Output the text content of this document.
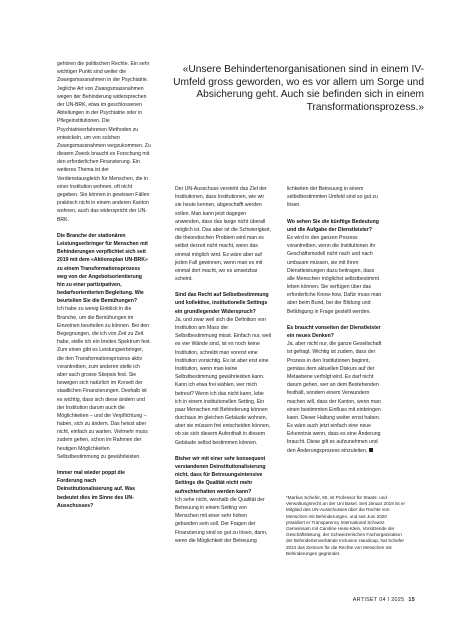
«Unsere Behindertenorganisationen sind in einem IV-Umfeld gross geworden, wo es vor allem um Sorge und Absicherung geht. Auch sie befinden sich in einem Transformationsprozess.»

gehören die politischen Rechte. Ein sehr wichtiger Punkt sind weiter die Zwangsmassnahmen in der Psychiatrie. Jegliche Art von Zwangsmassnahmen wegen der Behinderung widersprechen der UN-BRK, etwa im geschlossenen Abteilungen in der Psychiatrie oder in Pflegeinstitutionen. Die Psychiatrieerfahrenen Methoden zu entwickeln, um von solchen Zwangsmassnahmen wegzukommen. Zu diesem Zweck braucht es Forschung mit den erforderlichen Finanzierung. Ein weiteres Thema ist der Verdienstausgleich für Menschen, die in einer Institution wohnen, oft nicht gegeben. Sie können in gewissen Fällen praktisch nicht in einem anderen Kanton wohnen, auch das widerspricht der UN-BRK.

Die Branche der stationären Leistungserbringer für Menschen mit Behinderungen verpflichtet sich seit 2019 mit dem «Aktionsplan UN-BRK» zu einem Transformationsprozess weg von der Angebotsorientierung hin zu einer partizipativen, bedarfsorientierten Begleitung. Wie beurteilen Sie die Bemühungen?

Ich habe zu wenig Einblick in die Branche, um die Bemühungen im Einzelnen beurteilen zu können. Bei den Begegnungen, die ich von Zeit zu Zeit habe, stelle ich ein breites Spektrum fest. Zum einen gibt es Leistungserbringer, die den Transformationsprozess aktiv vorantreiben, zum anderen stelle ich aber auch grosse Skepsis fest. Sie bewegen sich natürlich im Korsett der staatlichen Finanzierungen. Deshalb ist es wichtig, dass sich diese ändern und der Institution darum auch die Möglichkeiten – und die Verpflichtung – haben, sich zu ändern. Das heisst aber nicht, einfach zu warten. Vielmehr muss zudem gehen, schon im Rahmen der heutigen Möglichkeiten Selbstbestimmung zu gewährleisten.

Immer mal wieder poppt die Forderung nach Deinstitutionalisierung auf. Was bedeutet dies im Sinne des UN-Ausschusses?

Der UN-Ausschuss versteht das Ziel der Institutionen, dass Institutionen, wie wir sie heute kennen, abgeschafft werden sollen. Man kann jetzt dagegen anwenden, dass das lange nicht überall möglich ist. Das aber ist die Schwierigkeit, die theoretischen Problem wird man es selbst derzeit nicht macht, wenn das einmal möglich wird. Es wäre aber auf jeden Fall gewinnen, wenn man es mit einmal dort macht, wo es umsetzbar scheint.

Sind das Recht auf Selbstbestimmung und kollektive, institutionelle Settings ein grundlegender Widerspruch?

Ja, und zwar weil sich die Definition von Institution am Mass der Selbstbestimmung misst. Einfach nur, weil es vier Wände sind, ist es noch keine Institution, schreibt man vorerst eine Institution vorsichtig. Es ist aber erst eine Institution, wenn man keine Selbstbestimmung gewährleisten kann. Kann ich etwa frei wählen, wer mich betreut? Wenn ich das nicht kann, lebe ich in einem institutionellen Setting. Ein paar Menschen mit Behinderung können durchaus im gleichen Gebäude wohnen, aber sie müssen frei entscheiden können, ob sie sich diesem Aufenthalt in diesem Gebäude selbst bestimmen können.

Bisher wir mit einer sehr konsequent verstandenen Deinstitutionalisierung nicht, dass für Betreuungsintensive Settings die Qualität nicht mehr aufrechterhalten werden kann?

Ich sehe nicht, weshalb die Qualität der Betreuung in einem Setting von Menschen mit einer sehr hohen gebunden sein soll. Der Fragen der Finanzierung sind so gut zu lösen, dann, wenn die Möglichkeit der Betreuung

lichkeiten der Betreuung in einem selbstbestimmten Umfeld sind so gut zu lösen.

Wo sehen Sie die künftige Bedeutung und die Aufgabe der Dienstleister?

Es wird in den ganzen Prozess vorantreiben, wenn die Institutionen ihr Geschäftsmodell nicht nach und nach umbauen müssen, sie mit ihren Dienstleistungen dazu beitragen, dass alle Menschen möglichst selbstbestimmt leben können. Sie verfügen über das erforderliche Know-how. Dafür muss man aber beim Bund, bei der Bildung und Befähigung in Frage gestellt werden.

Es braucht vonseiten der Dienstleister ein neues Denken?

Ja, aber nicht nur, die ganze Gesellschaft ist gefragt. Wichtig ist zudem, dass der Prozess in den Institutionen beginnt, gemäss dem aktuellen Diskurs auf der Metaebene verfolgt wird. Es darf nicht darum gehen, wer an dem Bestehenden festhält, sondern einem Verwundern machen will, dass der Kanton, wenn man einen bestimmten Einfluss mit einbringen kann. Dieser Haltung weiter ernst haben. Es wäre auch jetzt einfach eine neue Erkenntnis wenn, dass es eine Änderung braucht. Diese gilt es aufzunehmen und den Änderungsprozess einzuleiten.

*Markus Schefer, 60, ist Professor für Staats- und Verwaltungsrecht an der Uni Basel. Seit Januar 2019 ist er Mitglied des UN-Ausschusses über die Rechte von Menschen mit Behinderungen, und seit Juni 2020 präsidiert er Transparency International Schweiz. Gemeinsam mit Caroline Hess-Klein, Vorsitzende der Geschäftsleitung, der Schweizerischen Fachorganisation der Behindertenverbände Inclusion Handicap, hat Schefer 2024 das Zentrum für die Rechte von Menschen mit Behinderungen gegründet.
ARTISET 04 I 2025 15
